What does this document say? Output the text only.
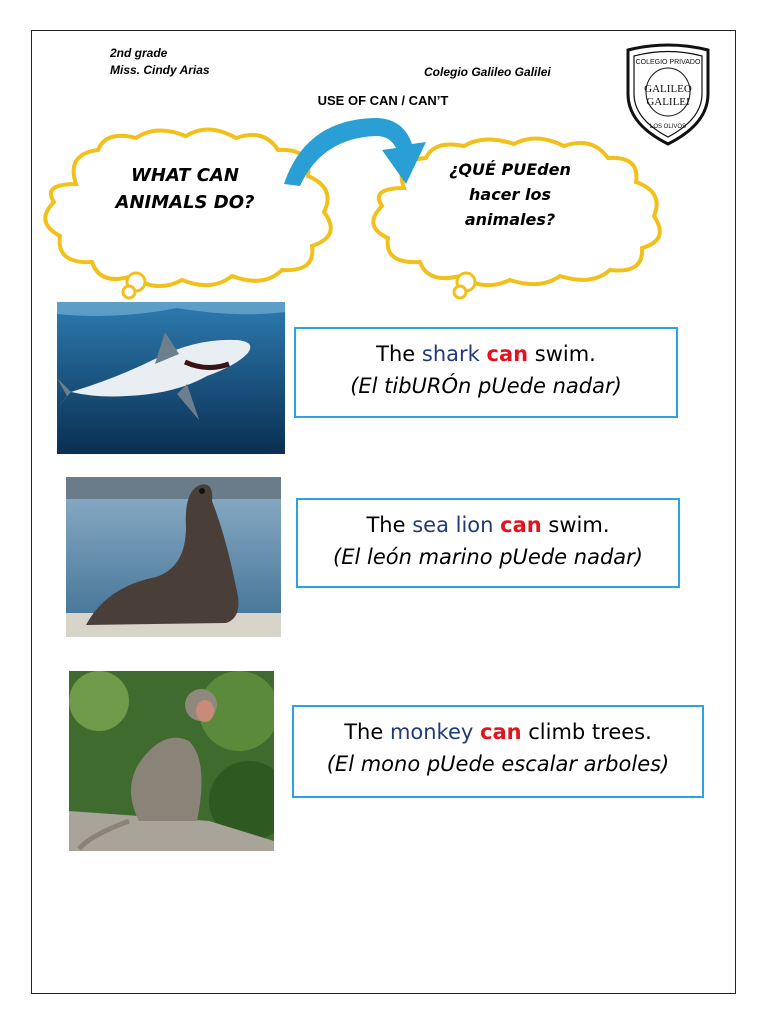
2nd grade
Miss. Cindy Arias	Colegio Galileo Galilei
COLEGIO PRIVADO
GALILEO
GALILEI
LOS OLIVOS
USE OF CAN / CAN’T
WHAT CAN
ANIMALS DO?
¿QUÉ PUEden
hacer los
animales?
The shark can swim.
(El tibURÓn pUede nadar)
The sea lion can swim.
(El león marino pUede nadar)
The monkey can climb trees.
(El mono pUede escalar arboles)
